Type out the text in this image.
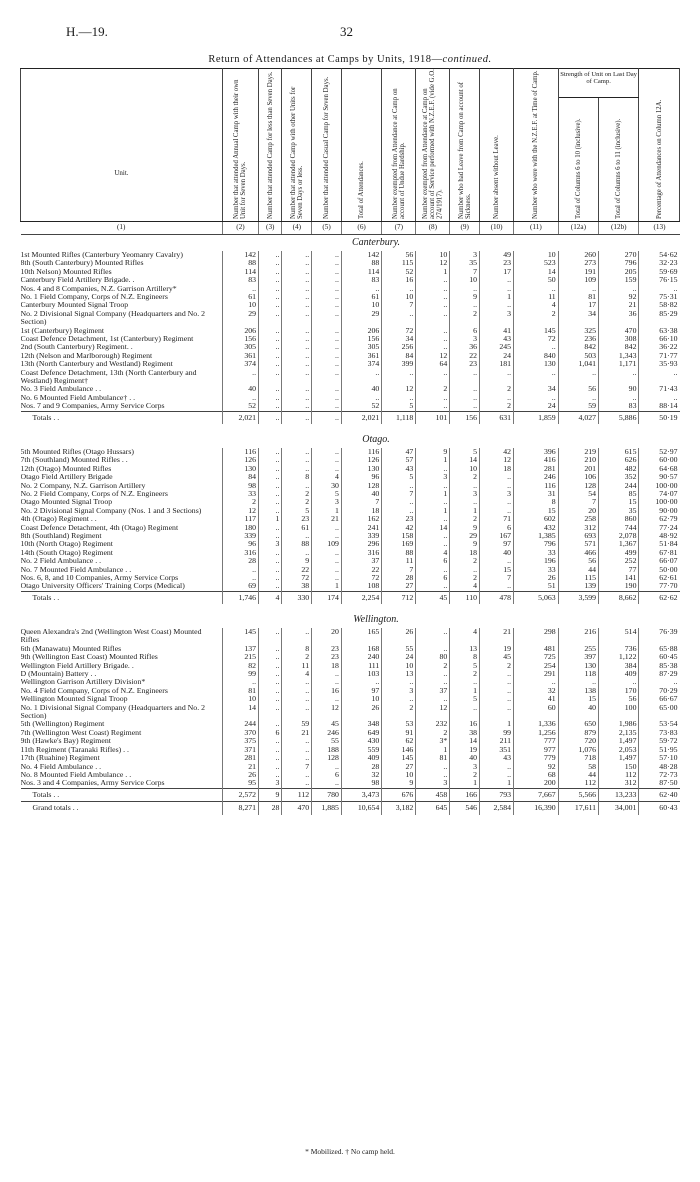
H.—19.	32
Return of Attendances at Camps by Units, 1918—continued.
Unit.	Number that attended Annual Camp with their own Unit for Seven Days.	Number that attended Camp for less than Seven Days.	Number that attended Camp with other Units for Seven Days or less.	Number that attended Casual Camp for Seven Days.	Total of Attendances.	Number exempted from Attendance at Camp on account of Undue Hardship.	Number exempted from Attendance at Camp on account of Service performed with N.Z.E.F. (vide G.O. 274/1917).	Number who had Leave from Camp on account of Sickness.	Number absent without Leave.	Number who were with the N.Z.E.F. at Time of Camp.	Strength of Unit on Last Day of Camp.		Percentage of Attendances on Column 12A.
											Total of Columns 6 to 10 (inclusive).	Total of Columns 6 to 11 (inclusive).	
(1)	(2)	(3)	(4)	(5)	(6)	(7)	(8)	(9)	(10)	(11)	(12a)	(12b)	(13)
	Canterbury.												
1st Mounted Rifles (Canterbury Yeomanry Cavalry)	142	..	..	..	142	56	10	3	49	10	260	270	54·62
8th (South Canterbury) Mounted Rifles	88	..	..	..	88	115	12	35	23	523	273	796	32·23
10th Nelson) Mounted Rifles	114	..	..	..	114	52	1	7	17	14	191	205	59·69
Canterbury Field Artillery Brigade. .	83	..	..	..	83	16	..	10	..	50	109	159	76·15
Nos. 4 and 8 Companies, N.Z. Garrison Artillery*	..	..	..	..	..	..	..	..	..	..	..	..	..
No. 1 Field Company, Corps of N.Z. Engineers	61	..	..	..	61	10	..	9	1	11	81	92	75·31
Canterbury Mounted Signal Troop	10	..	..	..	10	7	..	..	..	4	17	21	58·82
No. 2 Divisional Signal Company (Headquarters and No. 2 Section)	29	..	..	..	29	..	..	2	3	2	34	36	85·29
1st (Canterbury) Regiment	206	..	..	..	206	72	..	6	41	145	325	470	63·38
Coast Defence Detachment, 1st (Canterbury) Regiment	156	..	..	..	156	34	..	3	43	72	236	308	66·10
2nd (South Canterbury) Regiment. .	305	..	..	..	305	256	..	36	245	..	842	842	36·22
12th (Nelson and Marlborough) Regiment	361	..	..	..	361	84	12	22	24	840	503	1,343	71·77
13th (North Canterbury and Westland) Regiment	374	..	..	..	374	399	64	23	181	130	1,041	1,171	35·93
Coast Defence Detachment, 13th (North Canterbury and Westland) Regiment†	..	..	..	..	..	..	..	..	..	..	..	..	..
No. 3 Field Ambulance . .	40	..	..	..	40	12	2	..	2	34	56	90	71·43
No. 6 Mounted Field Ambulance† . .	..	..	..	..	..	..	..	..	..	..	..	..	..
Nos. 7 and 9 Companies, Army Service Corps	52	..	..	..	52	5	..	..	2	24	59	83	88·14
Totals . .	2,021	..	..	..	2,021	1,118	101	156	631	1,859	4,027	5,886	50·19

	Otago.												
5th Mounted Rifles (Otago Hussars)	116	..	..	..	116	47	9	5	42	396	219	615	52·97
7th (Southland) Mounted Rifles . .	126	..	..	..	126	57	1	14	12	416	210	626	60·00
12th (Otago) Mounted Rifles	130	..	..	..	130	43	..	10	18	281	201	482	64·68
Otago Field Artillery Brigade	84	..	8	4	96	5	3	2	..	246	106	352	90·57
No. 2 Company, N.Z. Garrison Artillery	98	..	..	30	128	..	..	..	..	116	128	244	100·00
No. 2 Field Company, Corps of N.Z. Engineers	33	..	2	5	40	7	1	3	3	31	54	85	74·07
Otago Mounted Signal Troop	2	..	2	3	7	..	..	..	..	8	7	15	100·00
No. 2 Divisional Signal Company (Nos. 1 and 3 Sections)	12	..	5	1	18	..	1	1	..	15	20	35	90·00
4th (Otago) Regiment . .	117	1	23	21	162	23	..	2	71	602	258	860	62·79
Coast Defence Detachment, 4th (Otago) Regiment	180	..	61	..	241	42	14	9	6	432	312	744	77·24
8th (Southland) Regiment	339	..	..	..	339	158	..	29	167	1,385	693	2,078	48·92
10th (North Otago) Regiment	96	3	88	109	296	169	..	9	97	796	571	1,367	51·84
14th (South Otago) Regiment	316	..	..	..	316	88	4	18	40	33	466	499	67·81
No. 2 Field Ambulance . .	28	..	9	..	37	11	6	2	..	196	56	252	66·07
No. 7 Mounted Field Ambulance . .	..	..	22	..	22	7	..	..	15	33	44	77	50·00
Nos. 6, 8, and 10 Companies, Army Service Corps	..	..	72	..	72	28	6	2	7	26	115	141	62·61
Otago University Officers' Training Corps (Medical)	69	..	38	1	108	27	..	4	..	51	139	190	77·70
Totals . .	1,746	4	330	174	2,254	712	45	110	478	5,063	3,599	8,662	62·62

	Wellington.												
Queen Alexandra's 2nd (Wellington West Coast) Mounted Rifles	145	..	..	20	165	26	..	4	21	298	216	514	76·39
6th (Manawatu) Mounted Rifles	137	..	8	23	168	55	..	13	19	481	255	736	65·88
9th (Wellington East Coast) Mounted Rifles	215	..	2	23	240	24	80	8	45	725	397	1,122	60·45
Wellington Field Artillery Brigade. .	82	..	11	18	111	10	2	5	2	254	130	384	85·38
D (Mountain) Battery . .	99	..	4	..	103	13	..	2	..	291	118	409	87·29
Wellington Garrison Artillery Division*	..	..	..	..	..	..	..	..	..	..	..	..	..
No. 4 Field Company, Corps of N.Z. Engineers	81	..	..	16	97	3	37	1	..	32	138	170	70·29
Wellington Mounted Signal Troop	10	..	..	..	10	..	..	5	..	41	15	56	66·67
No. 1 Divisional Signal Company (Headquarters and No. 2 Section)	14	..	..	12	26	2	12	..	..	60	40	100	65·00
5th (Wellington) Regiment	244	..	59	45	348	53	232	16	1	1,336	650	1,986	53·54
7th (Wellington West Coast) Regiment	370	6	21	246	649	91	2	38	99	1,256	879	2,135	73·83
9th (Hawke's Bay) Regiment	375	..	..	55	430	62	3*	14	211	777	720	1,497	59·72
11th Regiment (Taranaki Rifles) . .	371	..	..	188	559	146	1	19	351	977	1,076	2,053	51·95
17th (Ruahine) Regiment	281	..	..	128	409	145	81	40	43	779	718	1,497	57·10
No. 4 Field Ambulance . .	21	..	7	..	28	27	..	3	..	92	58	150	48·28
No. 8 Mounted Field Ambulance . .	26	..	..	6	32	10	..	2	..	68	44	112	72·73
Nos. 3 and 4 Companies, Army Service Corps	95	3	..	..	98	9	3	1	1	200	112	312	87·50
Totals . .	2,572	9	112	780	3,473	676	458	166	793	7,667	5,566	13,233	62·40
Grand totals . .	8,271	28	470	1,885	10,654	3,182	645	546	2,584	16,390	17,611	34,001	60·43
* Mobilized. † No camp held.
